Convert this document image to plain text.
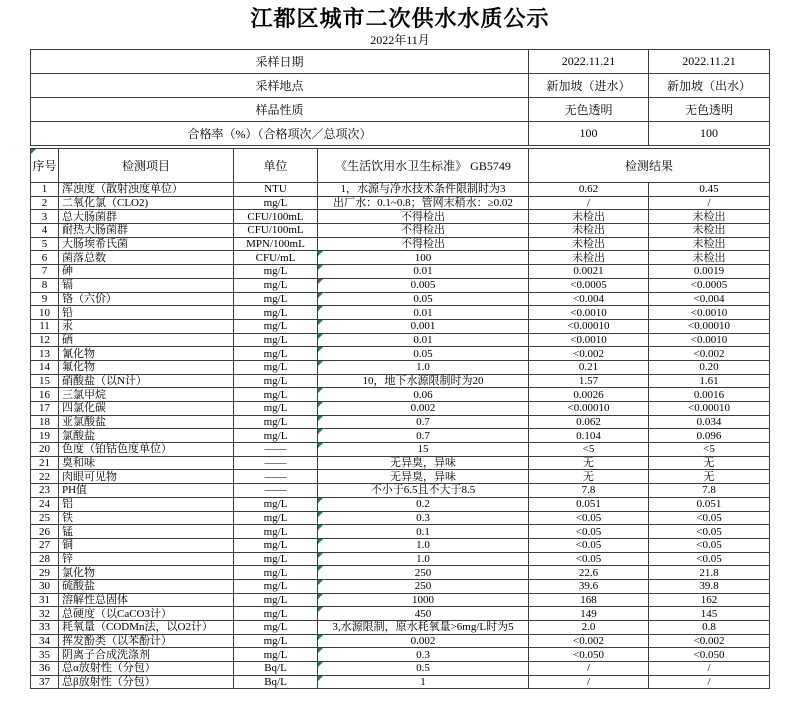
江都区城市二次供水水质公示
2022年11月
采样日期	2022.11.21	2022.11.21
采样地点	新加坡（进水）	新加坡（出水）
样品性质	无色透明	无色透明
合格率（%）（合格项次／总项次）	100	100
序号	检测项目	单位	《生活饮用水卫生标准》 GB5749	检测结果	
1	浑浊度（散射浊度单位）	NTU	1，水源与净水技术条件限制时为3	0.62	0.45
2	二氧化氯（CLO2)	mg/L	出厂水：0.1~0.8；管网末稍水：≥0.02	/	/
3	总大肠菌群	CFU/100mL	不得检出	未检出	未检出
4	耐热大肠菌群	CFU/100mL	不得检出	未检出	未检出
5	大肠埃希氏菌	MPN/100mL	不得检出	未检出	未检出
6	菌落总数	CFU/mL	100	未检出	未检出
7	砷	mg/L	0.01	0.0021	0.0019
8	镉	mg/L	0.005	<0.0005	<0.0005
9	铬（六价）	mg/L	0.05	<0.004	<0.004
10	铅	mg/L	0.01	<0.0010	<0.0010
11	汞	mg/L	0.001	<0.00010	<0.00010
12	硒	mg/L	0.01	<0.0010	<0.0010
13	氰化物	mg/L	0.05	<0.002	<0.002
14	氟化物	mg/L	1.0	0.21	0.20
15	硝酸盐（以N计）	mg/L	10，地下水源限制时为20	1.57	1.61
16	三氯甲烷	mg/L	0.06	0.0026	0.0016
17	四氯化碳	mg/L	0.002	<0.00010	<0.00010
18	亚氯酸盐	mg/L	0.7	0.062	0.034
19	氯酸盐	mg/L	0.7	0.104	0.096
20	色度（铂钴色度单位）	——	15	<5	<5
21	臭和味	——	无异臭，异味	无	无
22	肉眼可见物	——	无异臭，异味	无	无
23	PH值	——	不小于6.5且不大于8.5	7.8	7.8
24	铝	mg/L	0.2	0.051	0.051
25	铁	mg/L	0.3	<0.05	<0.05
26	锰	mg/L	0.1	<0.05	<0.05
27	铜	mg/L	1.0	<0.05	<0.05
28	锌	mg/L	1.0	<0.05	<0.05
29	氯化物	mg/L	250	22.6	21.8
30	硫酸盐	mg/L	250	39.6	39.8
31	溶解性总固体	mg/L	1000	168	162
32	总硬度（以CaCO3计）	mg/L	450	149	145
33	耗氧量（CODMn法，以O2计）	mg/L	3,水源限制，原水耗氧量>6mg/L时为5	2.0	0.8
34	挥发酚类（以苯酚计）	mg/L	0.002	<0.002	<0.002
35	阴离子合成洗涤剂	mg/L	0.3	<0.050	<0.050
36	总α放射性（分包）	Bq/L	0.5	/	/
37	总β放射性（分包）	Bq/L	1	/	/
